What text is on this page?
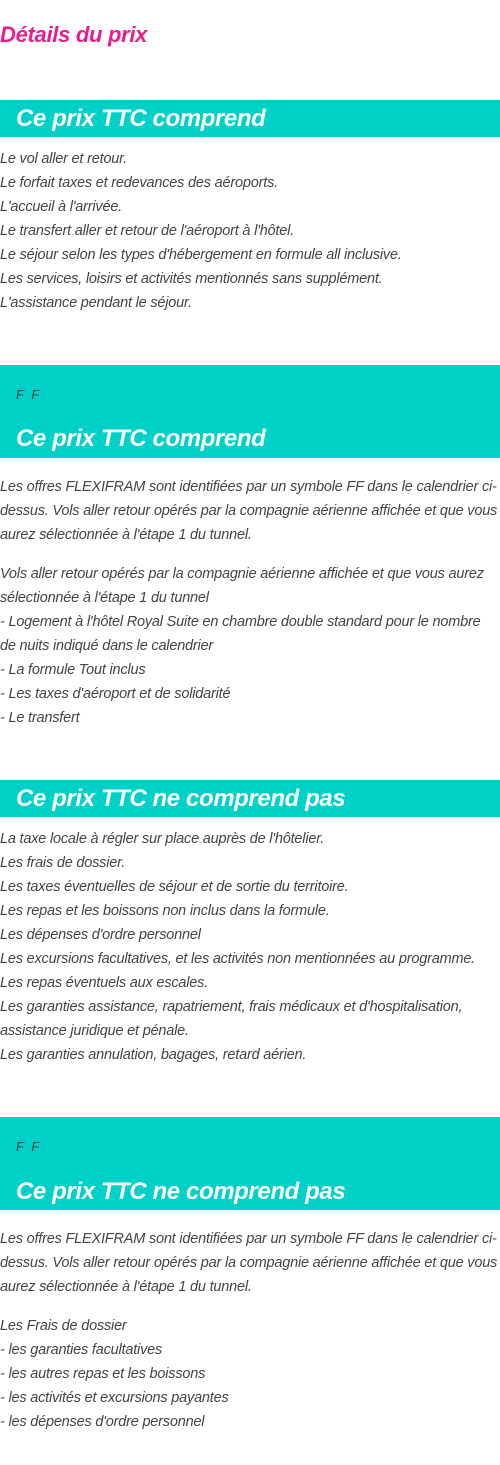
Détails du prix
Ce prix TTC comprend

Le vol aller et retour.

Le forfait taxes et redevances des aéroports.

L'accueil à l'arrivée.

Le transfert aller et retour de l'aéroport à l'hôtel.

Le séjour selon les types d'hébergement en formule all inclusive.

Les services, loisirs et activités mentionnés sans supplément.

L'assistance pendant le séjour.

F F
Ce prix TTC comprend

Les offres FLEXIFRAM sont identifiées par un symbole FF dans le calendrier ci-

dessus. Vols aller retour opérés par la compagnie aérienne affichée et que vous

aurez sélectionnée à l'étape 1 du tunnel.

Vols aller retour opérés par la compagnie aérienne affichée et que vous aurez

sélectionnée à l'étape 1 du tunnel

- Logement à l'hôtel Royal Suite en chambre double standard pour le nombre

de nuits indiqué dans le calendrier

- La formule Tout inclus

- Les taxes d'aéroport et de solidarité

- Le transfert

Ce prix TTC ne comprend pas

La taxe locale à régler sur place auprès de l'hôtelier.

Les frais de dossier.

Les taxes éventuelles de séjour et de sortie du territoire.

Les repas et les boissons non inclus dans la formule.

Les dépenses d'ordre personnel

Les excursions facultatives, et les activités non mentionnées au programme.

Les repas éventuels aux escales.

Les garanties assistance, rapatriement, frais médicaux et d'hospitalisation,

assistance juridique et pénale.

Les garanties annulation, bagages, retard aérien.

F F
Ce prix TTC ne comprend pas

Les offres FLEXIFRAM sont identifiées par un symbole FF dans le calendrier ci-

dessus. Vols aller retour opérés par la compagnie aérienne affichée et que vous

aurez sélectionnée à l'étape 1 du tunnel.

Les Frais de dossier

- les garanties facultatives

- les autres repas et les boissons

- les activités et excursions payantes

- les dépenses d'ordre personnel
